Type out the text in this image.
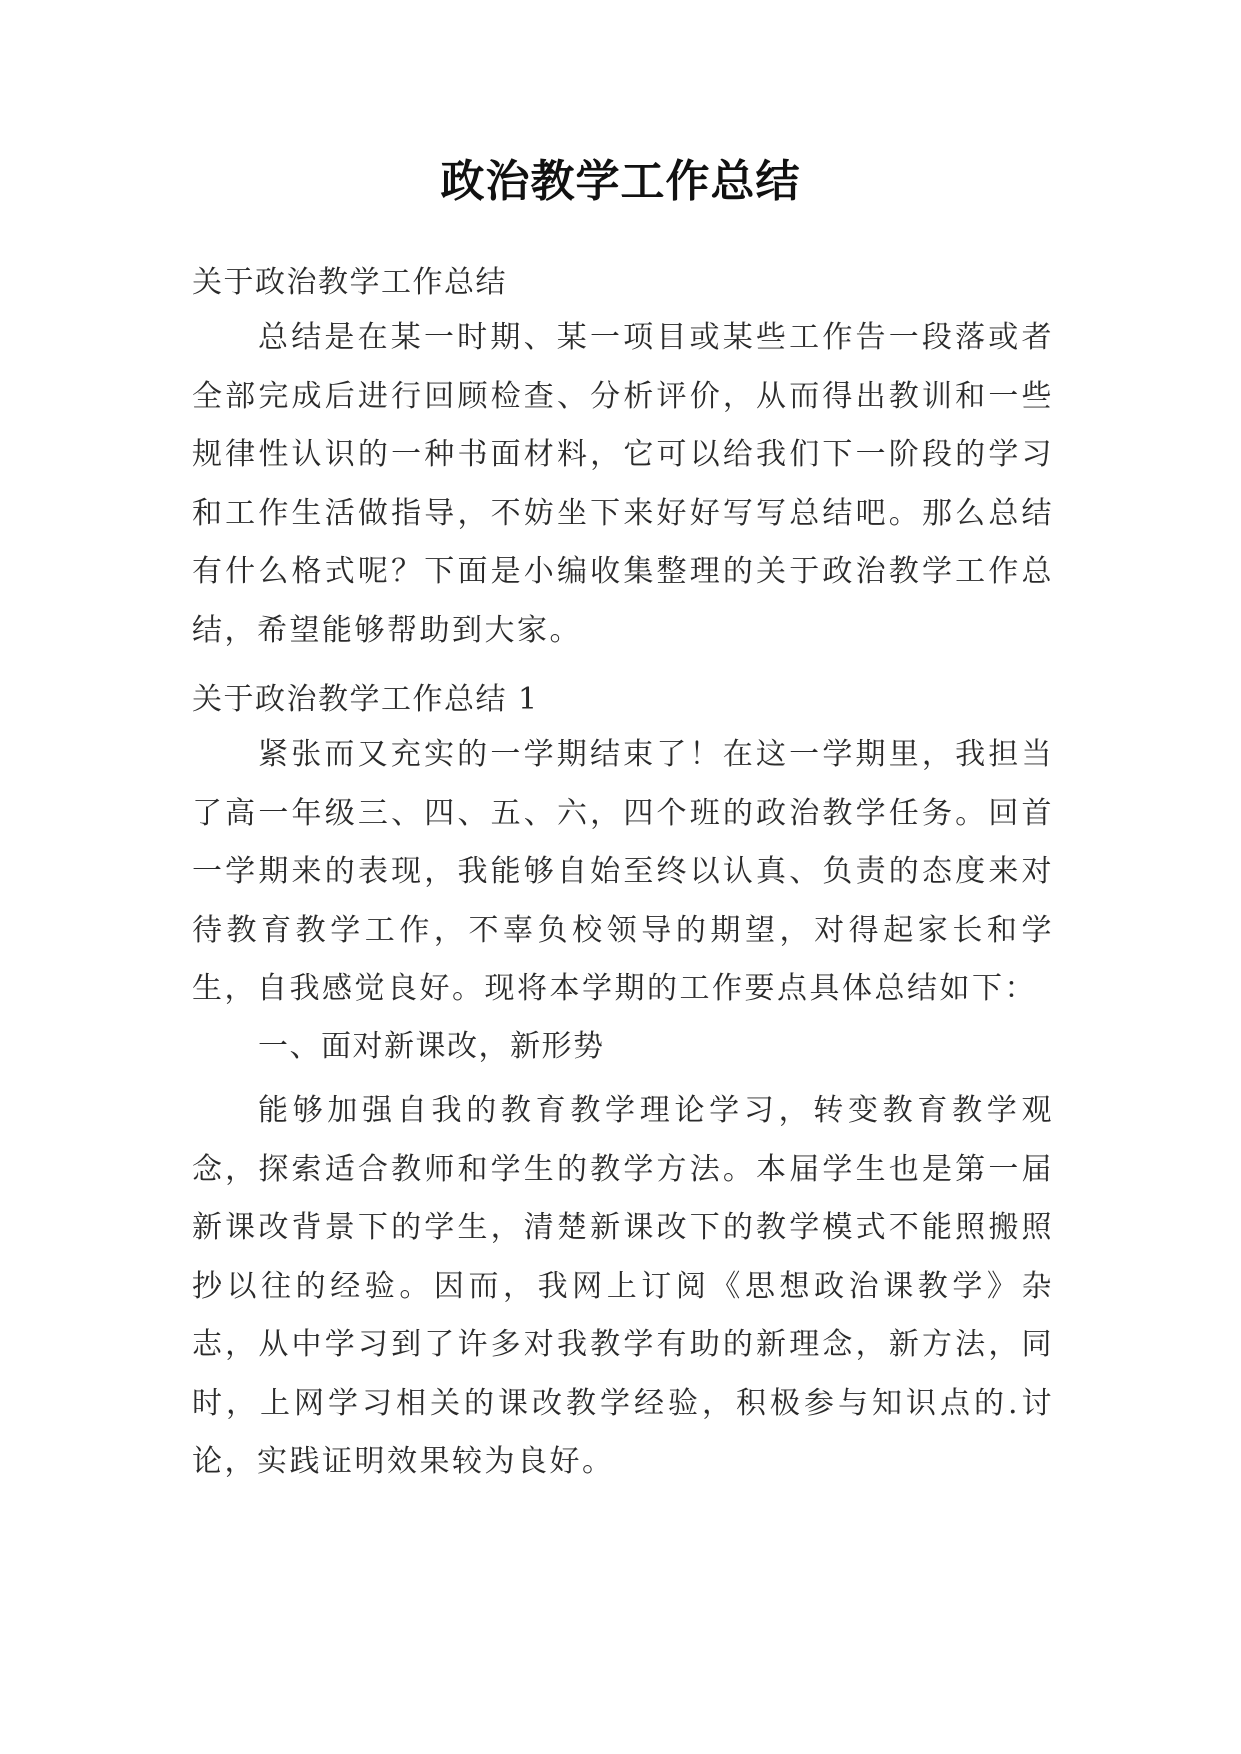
政治教学工作总结

关于政治教学工作总结

总结是在某一时期、某一项目或某些工作告一段落或者全部完成后进行回顾检查、分析评价，从而得出教训和一些规律性认识的一种书面材料，它可以给我们下一阶段的学习和工作生活做指导，不妨坐下来好好写写总结吧。那么总结有什么格式呢？下面是小编收集整理的关于政治教学工作总结，希望能够帮助到大家。

关于政治教学工作总结 1

紧张而又充实的一学期结束了！在这一学期里，我担当了高一年级三、四、五、六，四个班的政治教学任务。回首一学期来的表现，我能够自始至终以认真、负责的态度来对待教育教学工作，不辜负校领导的期望，对得起家长和学生，自我感觉良好。现将本学期的工作要点具体总结如下：

一、面对新课改，新形势

能够加强自我的教育教学理论学习，转变教育教学观念，探索适合教师和学生的教学方法。本届学生也是第一届新课改背景下的学生，清楚新课改下的教学模式不能照搬照抄以往的经验。因而，我网上订阅《思想政治课教学》杂志，从中学习到了许多对我教学有助的新理念，新方法，同时，上网学习相关的课改教学经验，积极参与知识点的.讨论，实践证明效果较为良好。
